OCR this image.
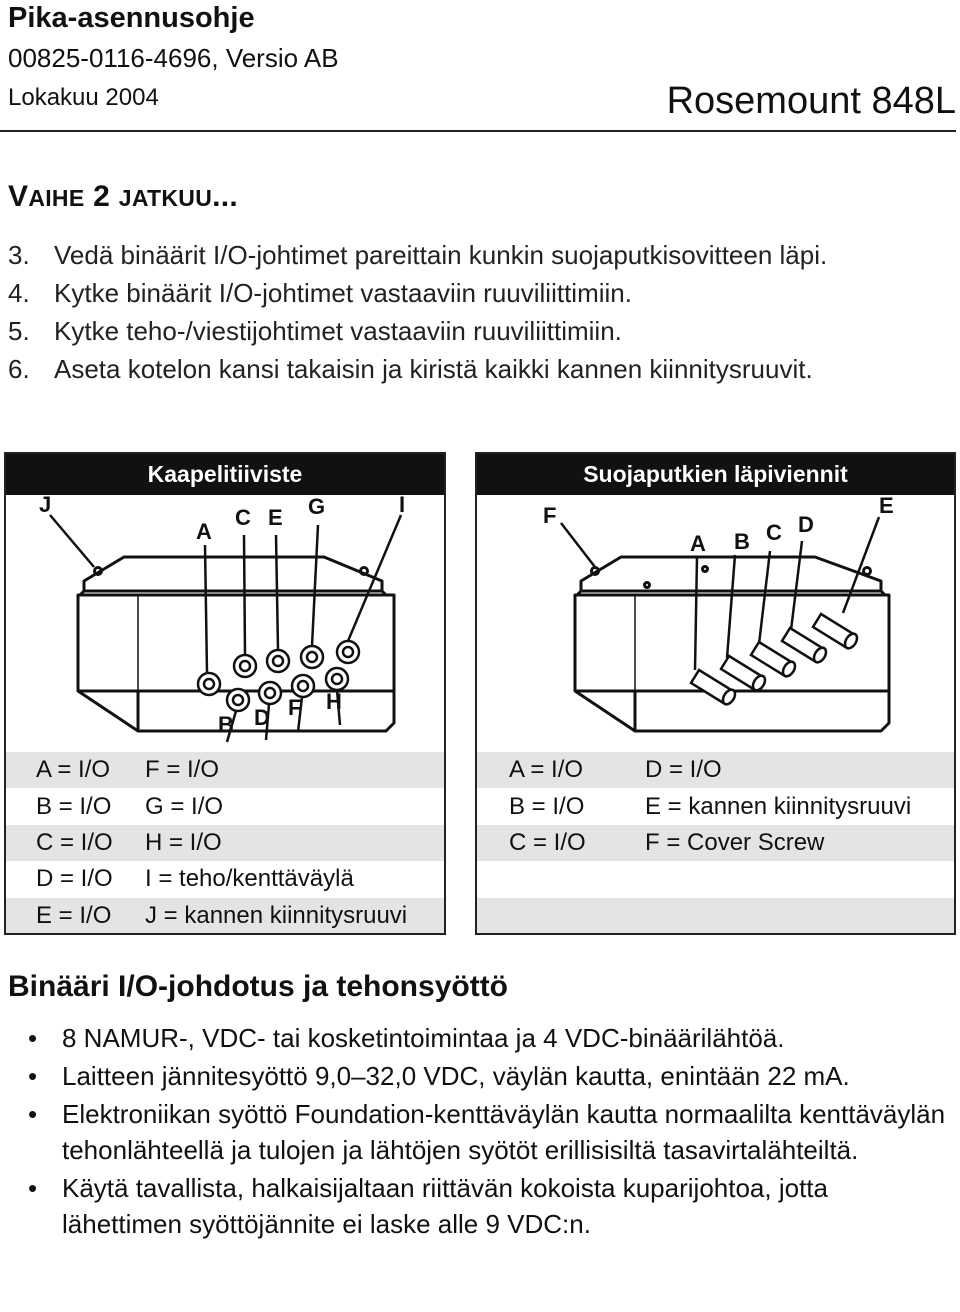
Pika-asennusohje
00825-0116-4696, Versio AB
Lokakuu 2004	Rosemount 848L
VAIHE 2 JATKUU...
3. Vedä binäärit I/O-johtimet pareittain kunkin suojaputkisovitteen läpi.
4. Kytke binäärit I/O-johtimet vastaaviin ruuviliittimiin.
5. Kytke teho-/viestijohtimet vastaaviin ruuviliittimiin.
6. Aseta kotelon kansi takaisin ja kiristä kaikki kannen kiinnitysruuvit.
Kaapelitiiviste
J
A
C E G	I
B D F H
A = I/O	F = I/O
B = I/O	G = I/O
C = I/O	H = I/O
D = I/O	I = teho/kenttäväylä
E = I/O	J = kannen kiinnitysruuvi
Suojaputkien läpiviennit
F
A B C D
E
A = I/O	D = I/O
B = I/O	E = kannen kiinnitysruuvi
C = I/O	F = Cover Screw
Binääri I/O-johdotus ja tehonsyöttö
• 8 NAMUR-, VDC- tai kosketintoimintaa ja 4 VDC-binäärilähtöä.
• Laitteen jännitesyöttö 9,0–32,0 VDC, väylän kautta, enintään 22 mA.
• Elektroniikan syöttö Foundation-kenttäväylän kautta normaalilta kenttäväylän tehonlähteellä ja tulojen ja lähtöjen syötöt erillisisiltä tasavirtalähteiltä.
• Käytä tavallista, halkaisijaltaan riittävän kokoista kuparijohtoa, jotta lähettimen syöttöjännite ei laske alle 9 VDC:n.
